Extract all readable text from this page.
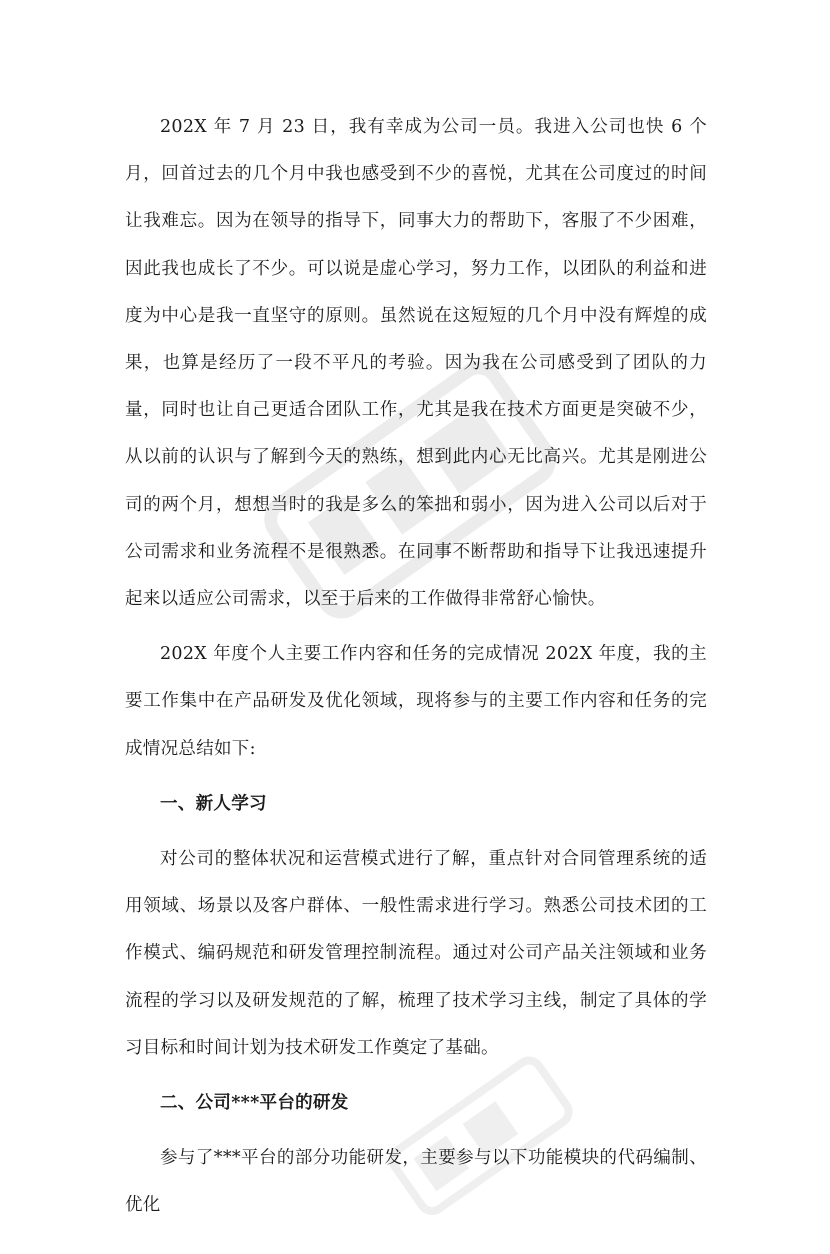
202X 年 7 月 23 日，我有幸成为公司一员。我进入公司也快 6 个月，回首过去的几个月中我也感受到不少的喜悦，尤其在公司度过的时间让我难忘。因为在领导的指导下，同事大力的帮助下，客服了不少困难，因此我也成长了不少。可以说是虚心学习，努力工作，以团队的利益和进度为中心是我一直坚守的原则。虽然说在这短短的几个月中没有辉煌的成果，也算是经历了一段不平凡的考验。因为我在公司感受到了团队的力量，同时也让自己更适合团队工作，尤其是我在技术方面更是突破不少，从以前的认识与了解到今天的熟练，想到此内心无比高兴。尤其是刚进公司的两个月，想想当时的我是多么的笨拙和弱小，因为进入公司以后对于公司需求和业务流程不是很熟悉。在同事不断帮助和指导下让我迅速提升起来以适应公司需求，以至于后来的工作做得非常舒心愉快。

202X 年度个人主要工作内容和任务的完成情况 202X 年度，我的主要工作集中在产品研发及优化领域，现将参与的主要工作内容和任务的完成情况总结如下:

一、新人学习

对公司的整体状况和运营模式进行了解，重点针对合同管理系统的适用领域、场景以及客户群体、一般性需求进行学习。熟悉公司技术团的工作模式、编码规范和研发管理控制流程。通过对公司产品关注领域和业务流程的学习以及研发规范的了解，梳理了技术学习主线，制定了具体的学习目标和时间计划为技术研发工作奠定了基础。

二、公司***平台的研发

参与了***平台的部分功能研发，主要参与以下功能模块的代码编制、优化
